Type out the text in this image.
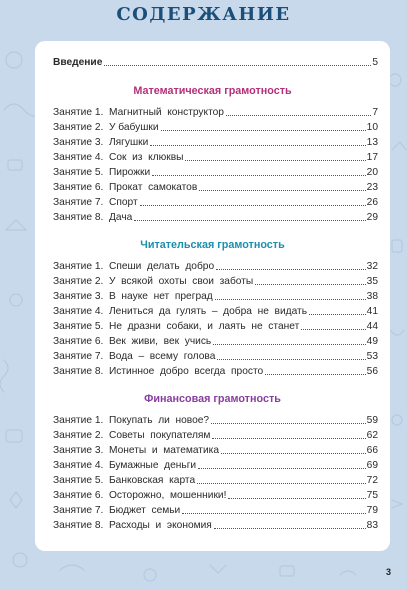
СОДЕРЖАНИЕ
Введение	5
Математическая грамотность
Занятие 1.  Магнитный  конструктор	7
Занятие 2.  У бабушки	10
Занятие 3.  Лягушки	13
Занятие 4.  Сок  из  клюквы	17
Занятие 5.  Пирожки	20
Занятие 6.  Прокат  самокатов	23
Занятие 7.  Спорт	26
Занятие 8.  Дача	29
Читательская грамотность
Занятие 1.  Спеши  делать  добро	32
Занятие 2.  У  всякой  охоты  свои  заботы	35
Занятие 3.  В  науке  нет  преград	38
Занятие 4.  Лениться  да  гулять  –  добра  не  видать	41
Занятие 5.  Не  дразни  собаки,  и  лаять  не  станет	44
Занятие 6.  Век  живи,  век  учись	49
Занятие 7.  Вода  –  всему  голова	53
Занятие 8.  Истинное  добро  всегда  просто	56
Финансовая грамотность
Занятие 1.  Покупать  ли  новое?	59
Занятие 2.  Советы  покупателям	62
Занятие 3.  Монеты  и  математика	66
Занятие 4.  Бумажные  деньги	69
Занятие 5.  Банковская  карта	72
Занятие 6.  Осторожно,  мошенники!	75
Занятие 7.  Бюджет  семьи	79
Занятие 8.  Расходы  и  экономия	83
3
